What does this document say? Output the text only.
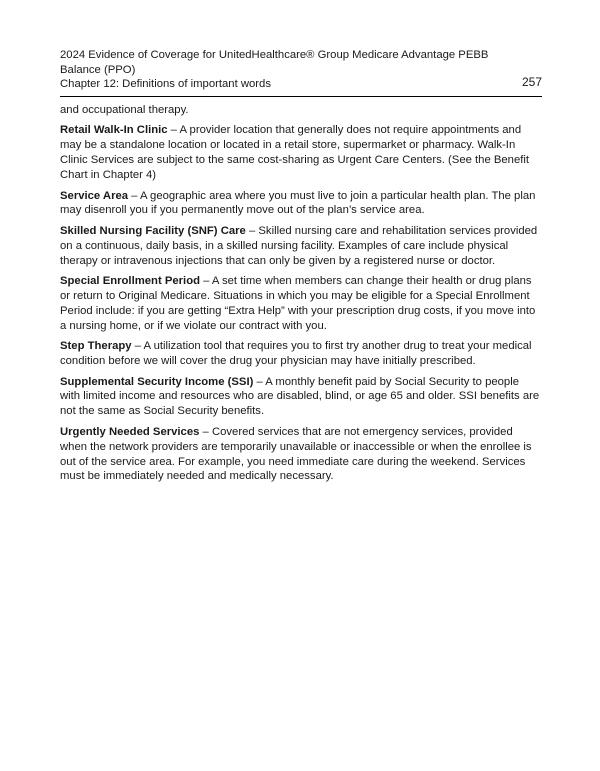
2024 Evidence of Coverage for UnitedHealthcare® Group Medicare Advantage PEBB Balance (PPO)
Chapter 12: Definitions of important words	257

and occupational therapy.

Retail Walk-In Clinic – A provider location that generally does not require appointments and may be a standalone location or located in a retail store, supermarket or pharmacy. Walk-In Clinic Services are subject to the same cost-sharing as Urgent Care Centers. (See the Benefit Chart in Chapter 4)

Service Area – A geographic area where you must live to join a particular health plan. The plan may disenroll you if you permanently move out of the plan’s service area.

Skilled Nursing Facility (SNF) Care – Skilled nursing care and rehabilitation services provided on a continuous, daily basis, in a skilled nursing facility. Examples of care include physical therapy or intravenous injections that can only be given by a registered nurse or doctor.

Special Enrollment Period – A set time when members can change their health or drug plans or return to Original Medicare. Situations in which you may be eligible for a Special Enrollment Period include: if you are getting “Extra Help” with your prescription drug costs, if you move into a nursing home, or if we violate our contract with you.

Step Therapy – A utilization tool that requires you to first try another drug to treat your medical condition before we will cover the drug your physician may have initially prescribed.

Supplemental Security Income (SSI) – A monthly benefit paid by Social Security to people with limited income and resources who are disabled, blind, or age 65 and older. SSI benefits are not the same as Social Security benefits.

Urgently Needed Services – Covered services that are not emergency services, provided when the network providers are temporarily unavailable or inaccessible or when the enrollee is out of the service area. For example, you need immediate care during the weekend. Services must be immediately needed and medically necessary.
